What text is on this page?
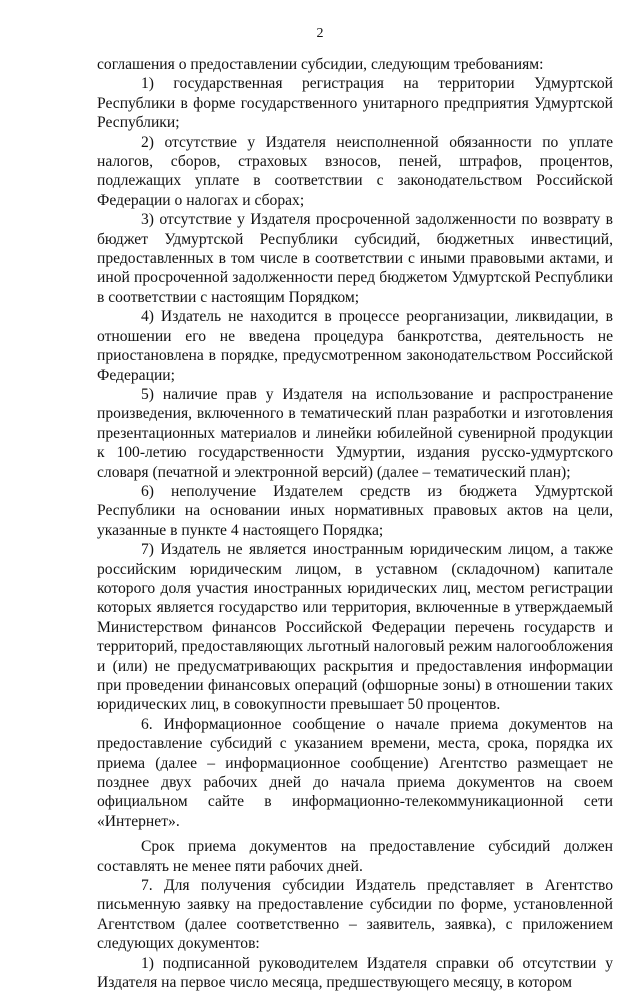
2

соглашения о предоставлении субсидии, следующим требованиям:

1) государственная регистрация на территории Удмуртской Республики в форме государственного унитарного предприятия Удмуртской Республики;

2) отсутствие у Издателя неисполненной обязанности по уплате налогов, сборов, страховых взносов, пеней, штрафов, процентов, подлежащих уплате в соответствии с законодательством Российской Федерации о налогах и сборах;

3) отсутствие у Издателя просроченной задолженности по возврату в бюджет Удмуртской Республики субсидий, бюджетных инвестиций, предоставленных в том числе в соответствии с иными правовыми актами, и иной просроченной задолженности перед бюджетом Удмуртской Республики в соответствии с настоящим Порядком;

4) Издатель не находится в процессе реорганизации, ликвидации, в отношении его не введена процедура банкротства, деятельность не приостановлена в порядке, предусмотренном законодательством Российской Федерации;

5) наличие прав у Издателя на использование и распространение произведения, включенного в тематический план разработки и изготовления презентационных материалов и линейки юбилейной сувенирной продукции к 100-летию государственности Удмуртии, издания русско-удмуртского словаря (печатной и электронной версий) (далее – тематический план);

6) неполучение Издателем средств из бюджета Удмуртской Республики на основании иных нормативных правовых актов на цели, указанные в пункте 4 настоящего Порядка;

7) Издатель не является иностранным юридическим лицом, а также российским юридическим лицом, в уставном (складочном) капитале которого доля участия иностранных юридических лиц, местом регистрации которых является государство или территория, включенные в утверждаемый Министерством финансов Российской Федерации перечень государств и территорий, предоставляющих льготный налоговый режим налогообложения и (или) не предусматривающих раскрытия и предоставления информации при проведении финансовых операций (офшорные зоны) в отношении таких юридических лиц, в совокупности превышает 50 процентов.

6. Информационное сообщение о начале приема документов на предоставление субсидий с указанием времени, места, срока, порядка их приема (далее – информационное сообщение) Агентство размещает не позднее двух рабочих дней до начала приема документов на своем официальном сайте в информационно-телекоммуникационной сети «Интернет».

Срок приема документов на предоставление субсидий должен составлять не менее пяти рабочих дней.

7. Для получения субсидии Издатель представляет в Агентство письменную заявку на предоставление субсидии по форме, установленной Агентством (далее соответственно – заявитель, заявка), с приложением следующих документов:

1) подписанной руководителем Издателя справки об отсутствии у Издателя на первое число месяца, предшествующего месяцу, в котором
